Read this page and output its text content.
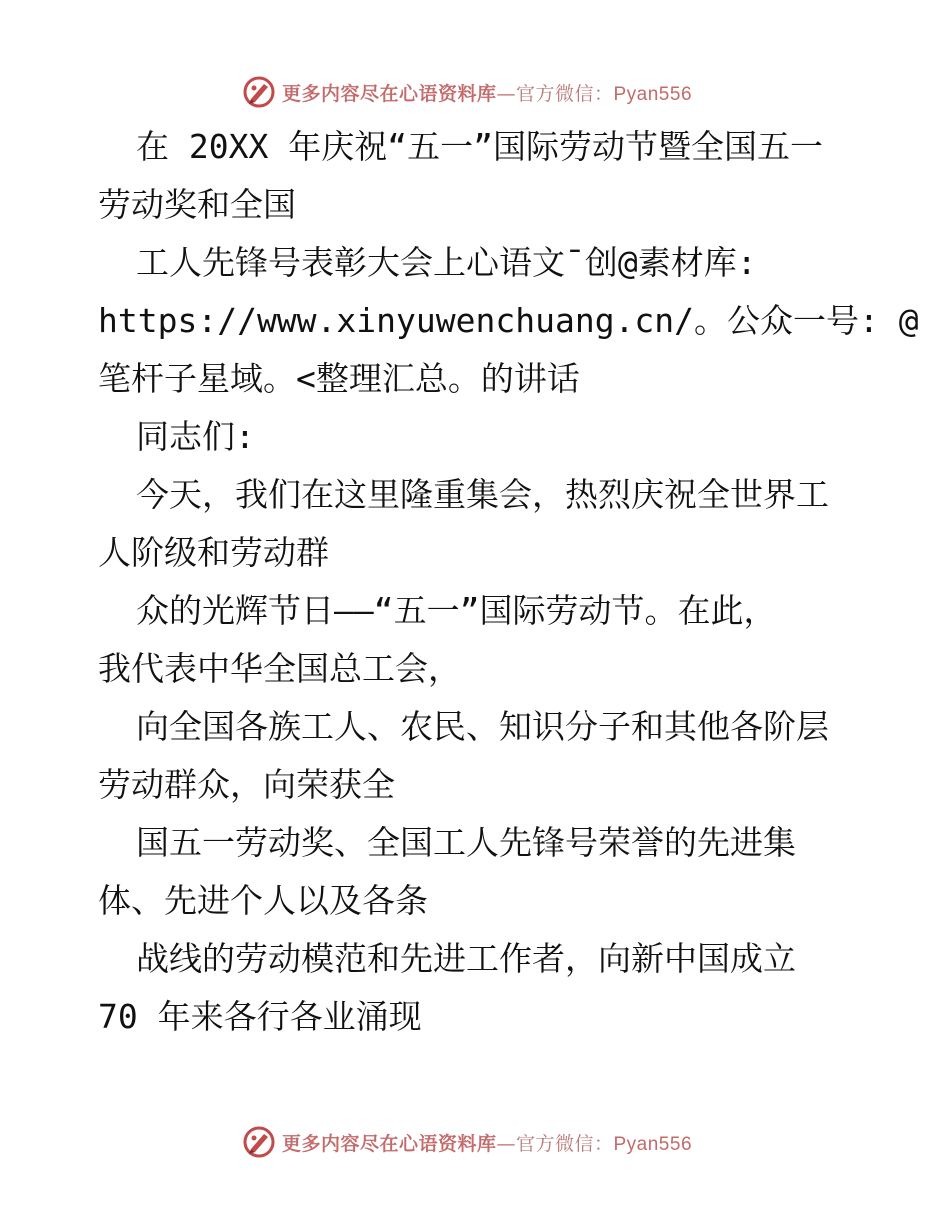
更多内容尽在心语资料库—官方微信：Pyan556
在 20XX 年庆祝“五一”国际劳动节暨全国五一
劳动奖和全国
工人先锋号表彰大会上心语文¯创@素材库:
https://www.xinyuwenchuang.cn/。公众一号: @
笔杆子星域。<整理汇总。的讲话
同志们:
今天，我们在这里隆重集会，热烈庆祝全世界工
人阶级和劳动群
众的光辉节日——“五一”国际劳动节。在此，
我代表中华全国总工会，
向全国各族工人、农民、知识分子和其他各阶层
劳动群众，向荣获全
国五一劳动奖、全国工人先锋号荣誉的先进集
体、先进个人以及各条
战线的劳动模范和先进工作者，向新中国成立
70 年来各行各业涌现
更多内容尽在心语资料库—官方微信：Pyan556
